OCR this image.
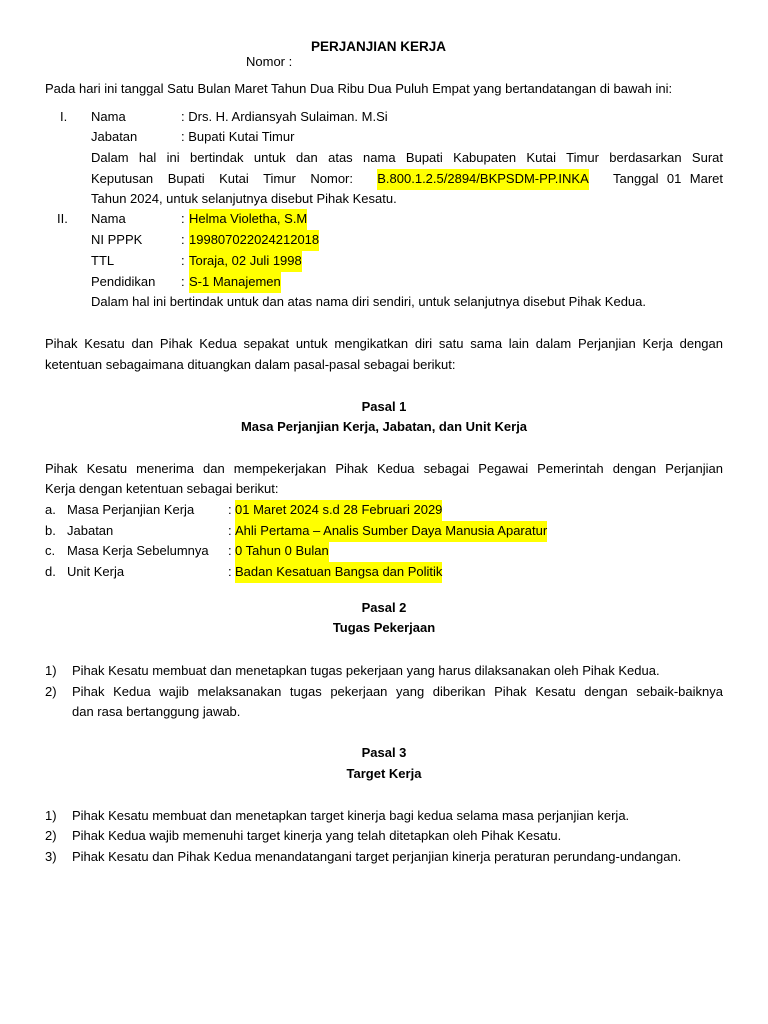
PERJANJIAN KERJA
Nomor :
Pada hari ini tanggal Satu Bulan Maret Tahun Dua Ribu Dua Puluh Empat yang bertandatangan di bawah ini:
I. Nama	: Drs. H. Ardiansyah Sulaiman. M.Si
Jabatan	: Bupati Kutai Timur
Dalam hal ini bertindak untuk dan atas nama Bupati Kabupaten Kutai Timur berdasarkan Surat
Keputusan Bupati Kutai Timur Nomor: B.800.1.2.5/2894/BKPSDM-PP.INKA Tanggal 01 Maret
Tahun 2024, untuk selanjutnya disebut Pihak Kesatu.
II. Nama	: Helma Violetha, S.M
NI PPPK	: 199807022024212018
TTL	: Toraja, 02 Juli 1998
Pendidikan : S-1 Manajemen
Dalam hal ini bertindak untuk dan atas nama diri sendiri, untuk selanjutnya disebut Pihak Kedua.
Pihak Kesatu dan Pihak Kedua sepakat untuk mengikatkan diri satu sama lain dalam Perjanjian Kerja dengan
ketentuan sebagaimana dituangkan dalam pasal-pasal sebagai berikut:
Pasal 1
Masa Perjanjian Kerja, Jabatan, dan Unit Kerja
Pihak Kesatu menerima dan mempekerjakan Pihak Kedua sebagai Pegawai Pemerintah dengan Perjanjian
Kerja dengan ketentuan sebagai berikut:
a. Masa Perjanjian Kerja	: 01 Maret 2024 s.d 28 Februari 2029
b. Jabatan	: Ahli Pertama – Analis Sumber Daya Manusia Aparatur
c. Masa Kerja Sebelumnya : 0 Tahun 0 Bulan
d. Unit Kerja	: Badan Kesatuan Bangsa dan Politik
Pasal 2
Tugas Pekerjaan
1) Pihak Kesatu membuat dan menetapkan tugas pekerjaan yang harus dilaksanakan oleh Pihak Kedua.
2) Pihak Kedua wajib melaksanakan tugas pekerjaan yang diberikan Pihak Kesatu dengan sebaik-baiknya
dan rasa bertanggung jawab.
Pasal 3
Target Kerja
1) Pihak Kesatu membuat dan menetapkan target kinerja bagi kedua selama masa perjanjian kerja.
2) Pihak Kedua wajib memenuhi target kinerja yang telah ditetapkan oleh Pihak Kesatu.
3) Pihak Kesatu dan Pihak Kedua menandatangani target perjanjian kinerja peraturan perundang-undangan.
